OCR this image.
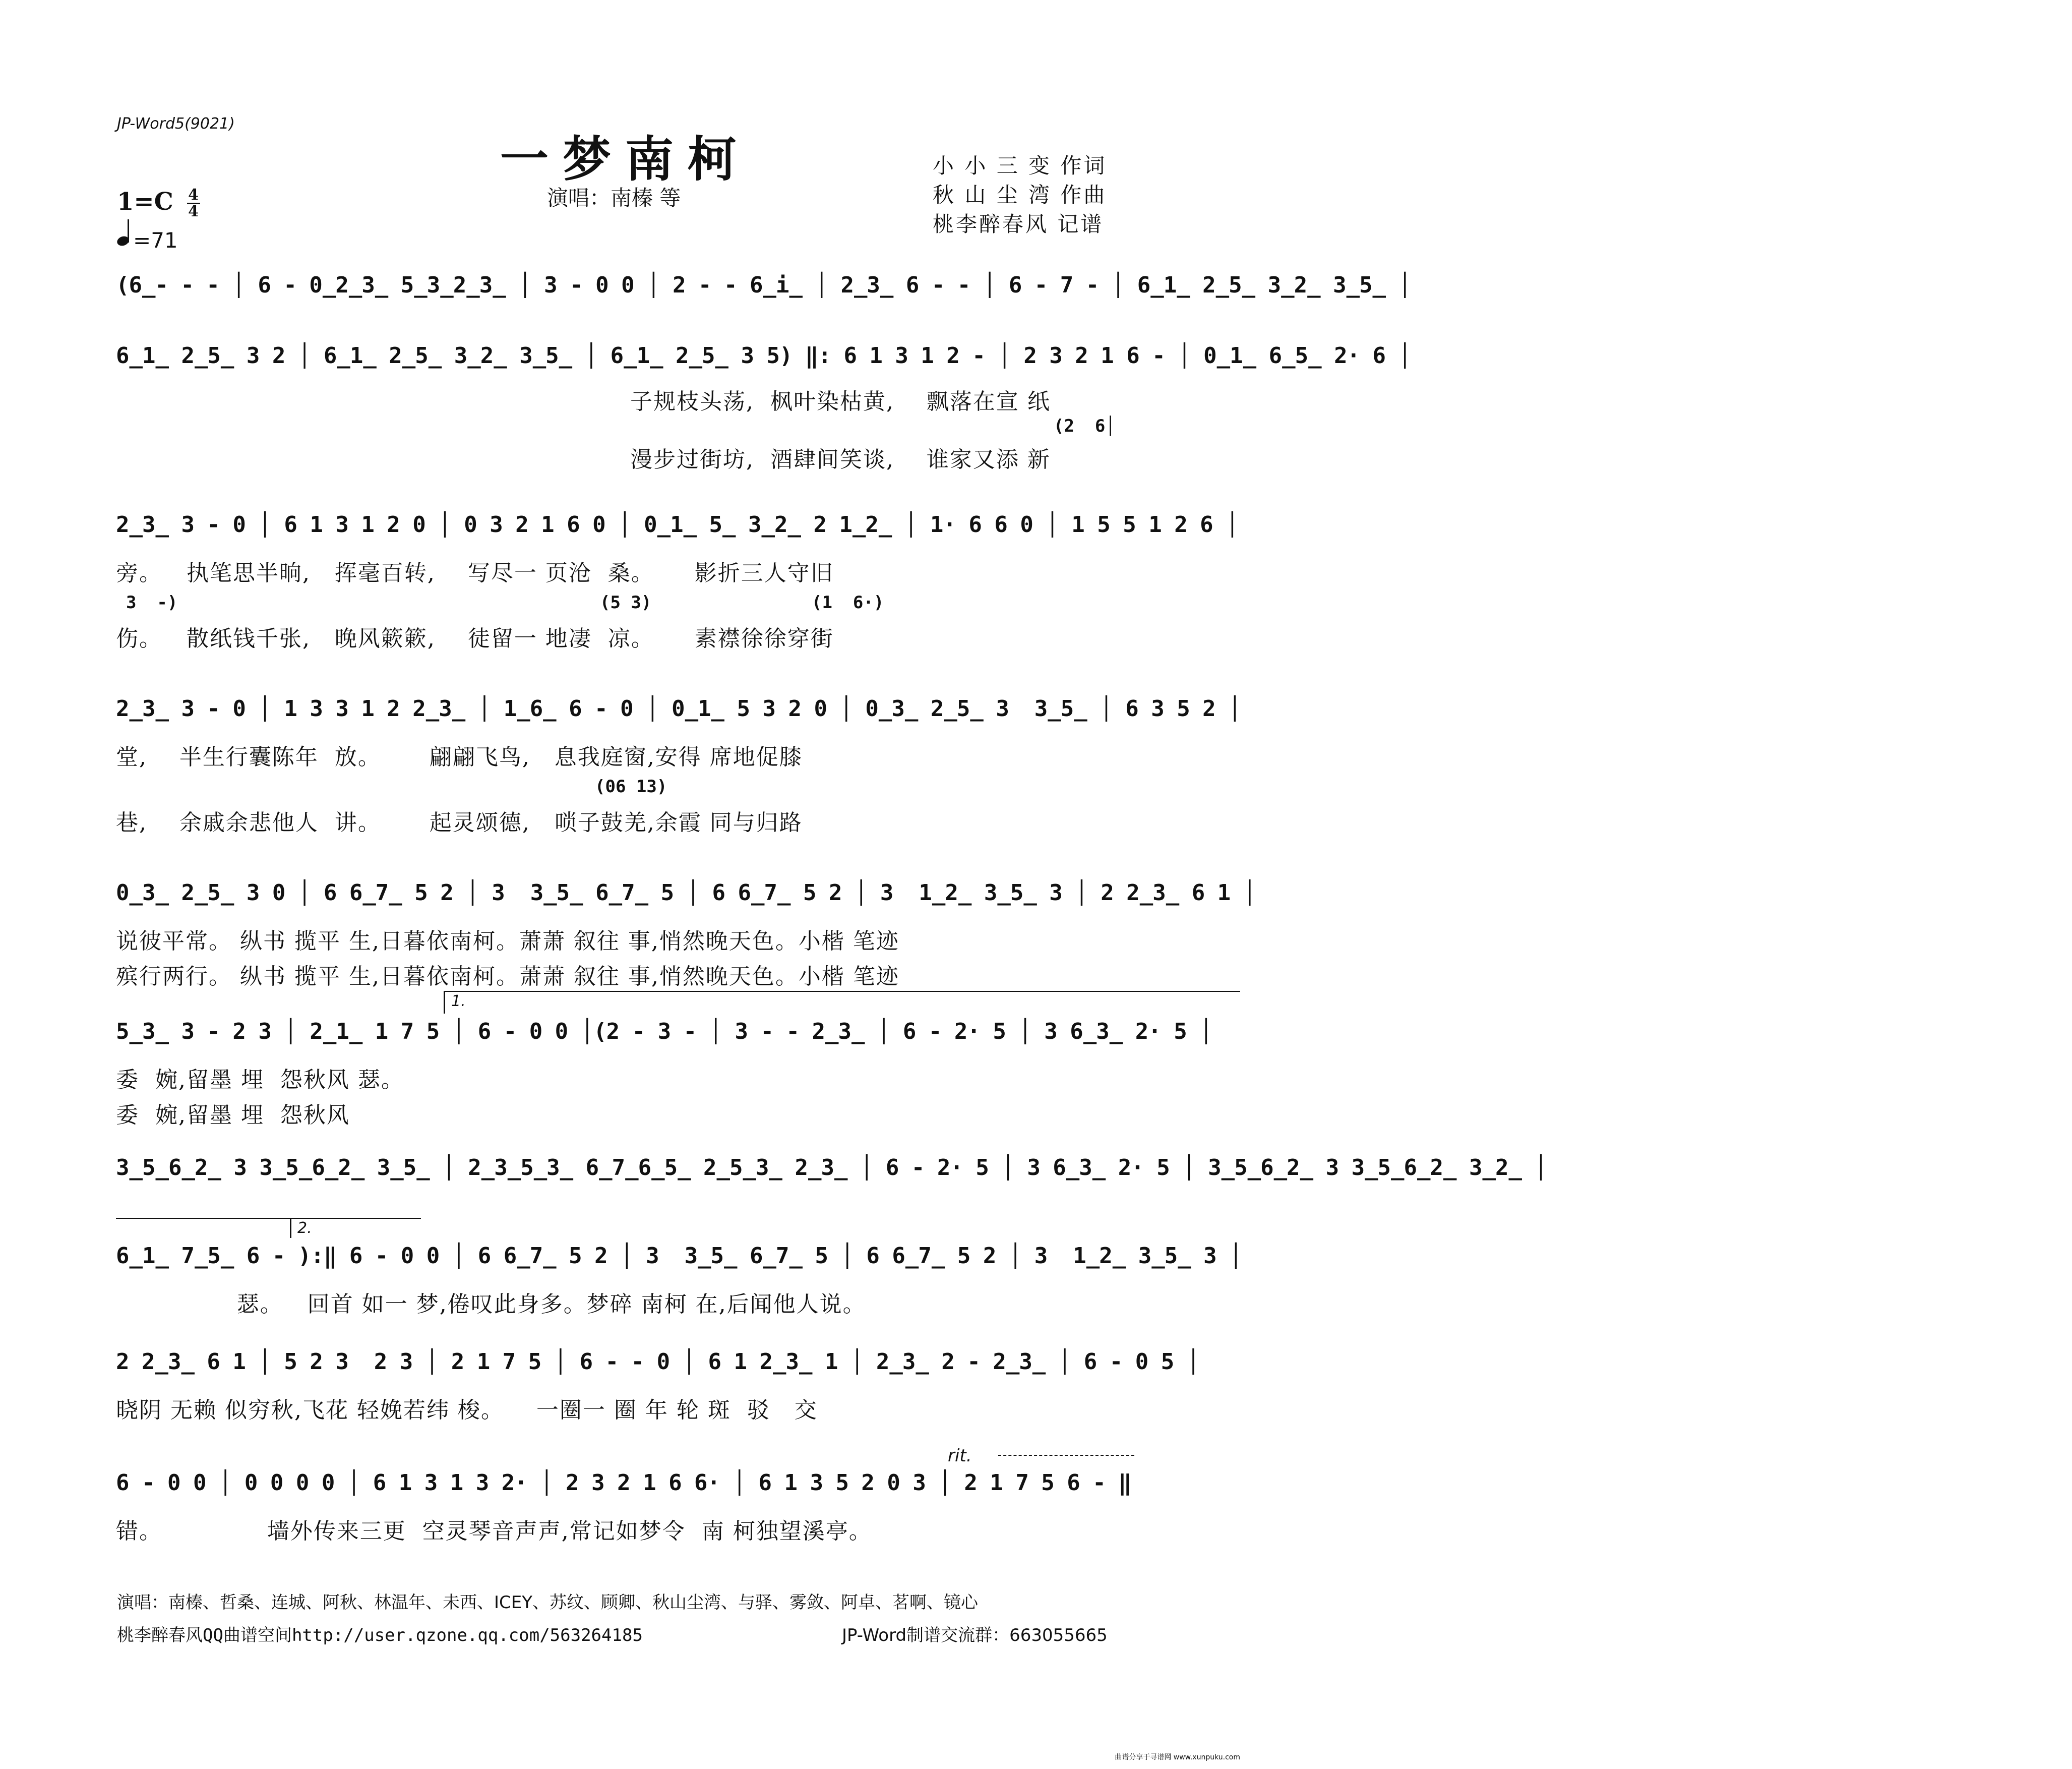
JP-Word5(9021)
一梦南柯
演唱：南榛 等
小 小 三 变 作词
秋 山 尘 湾 作曲
桃李醉春风 记谱
$1=C \frac{4}{4}$
=71
(6̲- - - │ 6 - 0̲2̲3̲ 5̲3̲2̲3̲ │ 3 - 0 0 │ 2 - - 6̲i̲ │ 2̲3̲ 6 - - │ 6 - 7 - │ 6̲1̲ 2̲5̲ 3̲2̲ 3̲5̲ │
6̲1̲ 2̲5̲ 3 2 │ 6̲1̲ 2̲5̲ 3̲2̲ 3̲5̲ │ 6̲1̲ 2̲5̲ 3 5) ‖: 6 1 3 1 2 - │ 2 3 2 1 6 - │ 0̲1̲ 6̲5̲ 2· 6 │
子规枝头荡,  枫叶染枯黄,    飘落在宣 纸
(2  6│
漫步过街坊,  酒肆间笑谈,    谁家又添 新
2̲3̲ 3 - 0 │ 6 1 3 1 2 0 │ 0 3 2 1 6 0 │ 0̲1̲ 5̲ 3̲2̲ 2 1̲2̲ │ 1· 6 6 0 │ 1 5 5 1 2 6 │
旁。   执笔思半晌,   挥毫百转,    写尽一 页沧  桑。     影折三人守旧
3  -)	(5 3)	(1  6·)
伤。   散纸钱千张,   晚风簌簌,    徒留一 地凄  凉。     素襟徐徐穿街
2̲3̲ 3 - 0 │ 1 3 3 1 2 2̲3̲ │ 1̲6̲ 6 - 0 │ 0̲1̲ 5 3 2 0 │ 0̲3̲ 2̲5̲ 3  3̲5̲ │ 6 3 5 2 │
堂,    半生行囊陈年  放。      翩翩飞鸟,   息我庭窗,安得 席地促膝
(06 13)
巷,    余戚余悲他人  讲。      起灵颂德,   唢子鼓羌,余霞 同与归路
0̲3̲ 2̲5̲ 3 0 │ 6 6̲7̲ 5 2 │ 3  3̲5̲ 6̲7̲ 5 │ 6 6̲7̲ 5 2 │ 3  1̲2̲ 3̲5̲ 3 │ 2 2̲3̲ 6 1 │
说彼平常。 纵书 揽平 生,日暮依南柯。萧萧 叙往 事,悄然晚天色。小楷 笔迹
殡行两行。 纵书 揽平 生,日暮依南柯。萧萧 叙往 事,悄然晚天色。小楷 笔迹
1.
5̲3̲ 3 - 2 3 │ 2̲1̲ 1 7 5 │ 6 - 0 0 │(2 - 3 - │ 3 - - 2̲3̲ │ 6 - 2· 5 │ 3 6̲3̲ 2· 5 │
委  婉,留墨 埋  怨秋风 瑟。
委  婉,留墨 埋  怨秋风
3̲5̲6̲2̲ 3 3̲5̲6̲2̲ 3̲5̲ │ 2̲3̲5̲3̲ 6̲7̲6̲5̲ 2̲5̲3̲ 2̲3̲ │ 6 - 2· 5 │ 3 6̲3̲ 2· 5 │ 3̲5̲6̲2̲ 3 3̲5̲6̲2̲ 3̲2̲ │
2.
6̲1̲ 7̲5̲ 6 - ):‖ 6 - 0 0 │ 6 6̲7̲ 5 2 │ 3  3̲5̲ 6̲7̲ 5 │ 6 6̲7̲ 5 2 │ 3  1̲2̲ 3̲5̲ 3 │
瑟。   回首 如一 梦,倦叹此身多。梦碎 南柯 在,后闻他人说。
2 2̲3̲ 6 1 │ 5 2 3  2 3 │ 2 1 7 5 │ 6 - - 0 │ 6 1 2̲3̲ 1 │ 2̲3̲ 2 - 2̲3̲ │ 6 - 0 5 │
晓阴 无赖 似穷秋,飞花 轻娩若纬 梭。    一圈一 圈 年 轮 斑  驳   交
rit.
6 - 0 0 │ 0 0 0 0 │ 6 1 3 1 3 2· │ 2 3 2 1 6 6· │ 6 1 3 5 2 0 3 │ 2 1 7 5 6 - ‖
错。             墙外传来三更  空灵琴音声声,常记如梦令  南 柯独望溪亭。
演唱：南榛、哲桑、连城、阿秋、林温年、未西、ICEY、苏纹、顾卿、秋山尘湾、与驿、雾敛、阿卓、茗啊、镜心
桃李醉春风QQ曲谱空间http://user.qzone.qq.com/563264185	JP-Word制谱交流群：663055665
曲谱分享于寻谱网 www.xunpuku.com
